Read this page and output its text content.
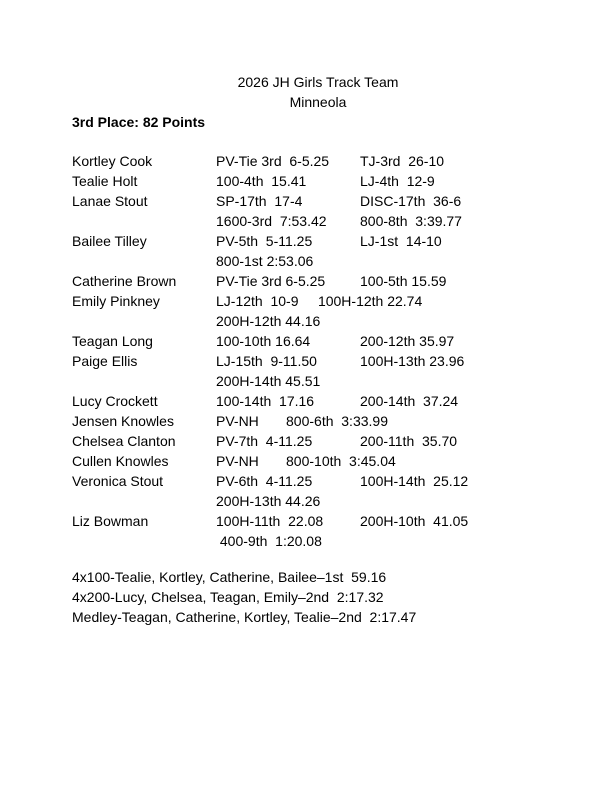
2026 JH Girls Track Team
Minneola
3rd Place: 82 Points
Kortley Cook	PV-Tie 3rd  6-5.25 TJ-3rd  26-10
Tealie Holt	100-4th  15.41	LJ-4th  12-9
Lanae Stout	SP-17th  17-4	DISC-17th  36-6
1600-3rd  7:53.42 800-8th  3:39.77
Bailee Tilley	PV-5th  5-11.25	LJ-1st  14-10
800-1st 2:53.06
Catherine Brown	PV-Tie 3rd 6-5.25 100-5th 15.59
Emily Pinkney	LJ-12th  10-9     100H-12th 22.74
200H-12th 44.16
Teagan Long	100-10th 16.64	200-12th 35.97
Paige Ellis	LJ-15th  9-11.50	100H-13th 23.96
200H-14th 45.51
Lucy Crockett	100-14th  17.16	200-14th  37.24
Jensen Knowles	PV-NH       800-6th  3:33.99
Chelsea Clanton	PV-7th  4-11.25	200-11th  35.70
Cullen Knowles	PV-NH       800-10th  3:45.04
Veronica Stout	PV-6th  4-11.25	100H-14th  25.12
200H-13th 44.26
Liz Bowman	100H-11th  22.08	200H-10th  41.05
400-9th  1:20.08
4x100-Tealie, Kortley, Catherine, Bailee–1st  59.16
4x200-Lucy, Chelsea, Teagan, Emily–2nd  2:17.32
Medley-Teagan, Catherine, Kortley, Tealie–2nd  2:17.47
